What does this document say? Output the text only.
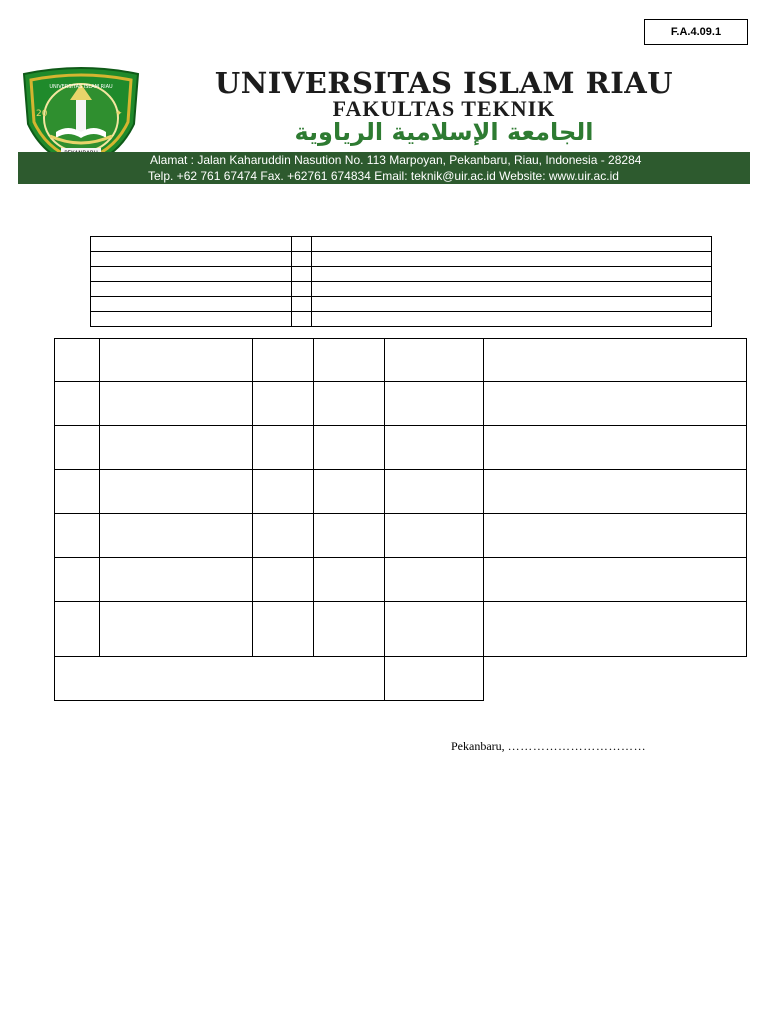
F.A.4.09.1
20	✦
UNIVERSITAS ISLAM RIAU	UNIVERSITAS ISLAM RIAU
FAKULTAS TEKNIK
الجامعة الإسلامية الرياوية
Alamat : Jalan Kaharuddin Nasution No. 113 Marpoyan, Pekanbaru, Riau, Indonesia - 28284
Telp. +62 761 67474 Fax. +62761 674834 Email: teknik@uir.ac.id Website: www.uir.ac.id

Pekanbaru, ……………………………
